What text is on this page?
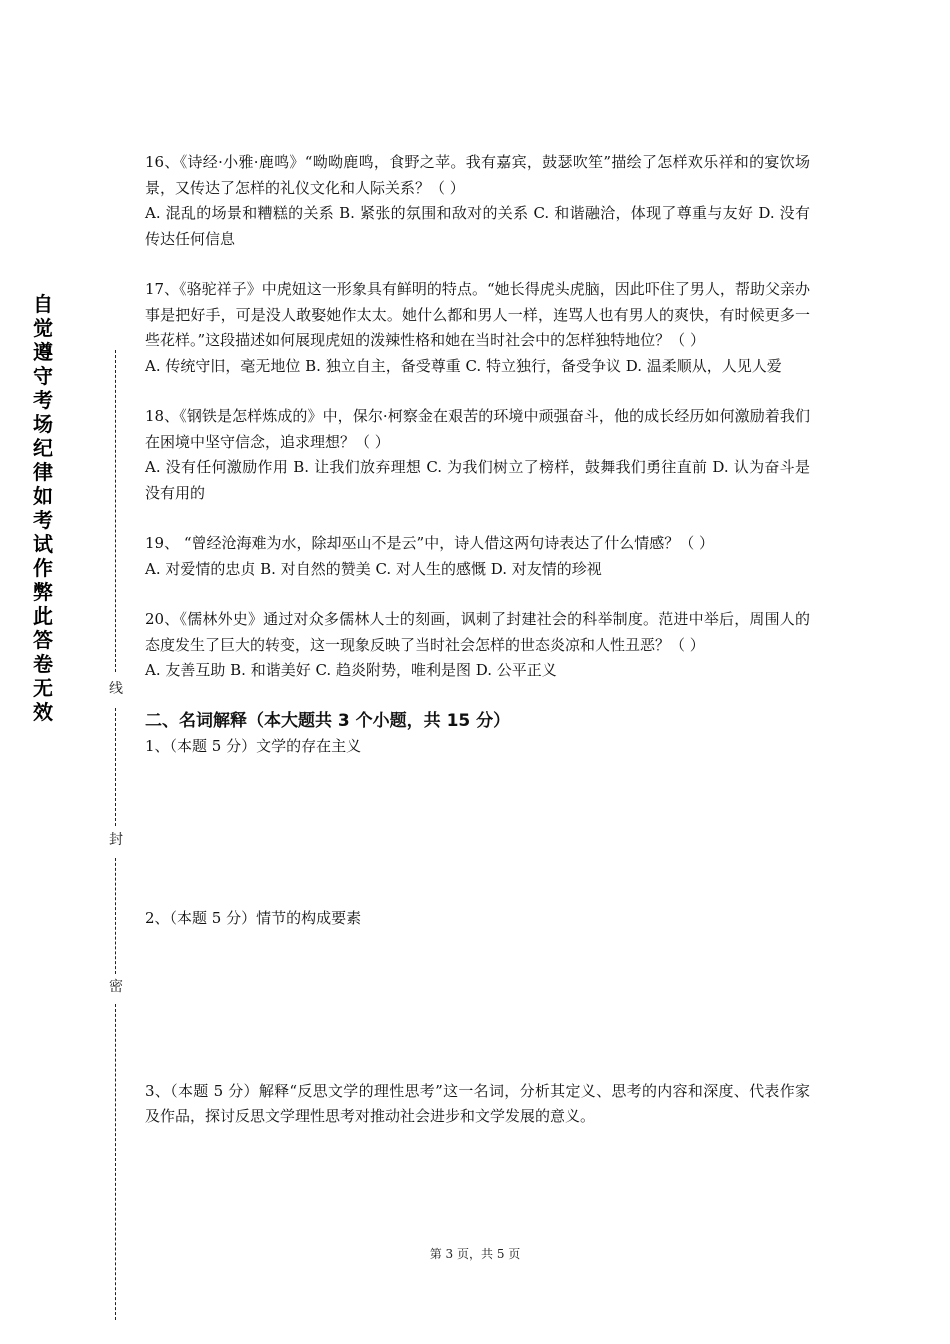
自觉遵守考场纪律如考试作弊此答卷无效
线
封
密

16、《诗经·小雅·鹿鸣》“呦呦鹿鸣，食野之苹。我有嘉宾，鼓瑟吹笙”描绘了怎样欢乐祥和的宴饮场景，又传达了怎样的礼仪文化和人际关系？（ ）

A. 混乱的场景和糟糕的关系 B. 紧张的氛围和敌对的关系 C. 和谐融洽，体现了尊重与友好 D. 没有传达任何信息

17、《骆驼祥子》中虎妞这一形象具有鲜明的特点。“她长得虎头虎脑，因此吓住了男人，帮助父亲办事是把好手，可是没人敢娶她作太太。她什么都和男人一样，连骂人也有男人的爽快，有时候更多一些花样。”这段描述如何展现虎妞的泼辣性格和她在当时社会中的怎样独特地位？（ ）

A. 传统守旧，毫无地位 B. 独立自主，备受尊重 C. 特立独行，备受争议 D. 温柔顺从，人见人爱

18、《钢铁是怎样炼成的》中，保尔·柯察金在艰苦的环境中顽强奋斗，他的成长经历如何激励着我们在困境中坚守信念，追求理想？（ ）

A. 没有任何激励作用 B. 让我们放弃理想 C. 为我们树立了榜样，鼓舞我们勇往直前 D. 认为奋斗是没有用的

19、 “曾经沧海难为水，除却巫山不是云”中，诗人借这两句诗表达了什么情感？（ ）

A. 对爱情的忠贞 B. 对自然的赞美 C. 对人生的感慨 D. 对友情的珍视

20、《儒林外史》通过对众多儒林人士的刻画，讽刺了封建社会的科举制度。范进中举后，周围人的态度发生了巨大的转变，这一现象反映了当时社会怎样的世态炎凉和人性丑恶？（ ）

A. 友善互助 B. 和谐美好 C. 趋炎附势，唯利是图 D. 公平正义

二、名词解释（本大题共 3 个小题，共 15 分）

1、（本题 5 分）文学的存在主义

2、（本题 5 分）情节的构成要素

3、（本题 5 分）解释“反思文学的理性思考”这一名词，分析其定义、思考的内容和深度、代表作家及作品，探讨反思文学理性思考对推动社会进步和文学发展的意义。

第 3 页，共 5 页
